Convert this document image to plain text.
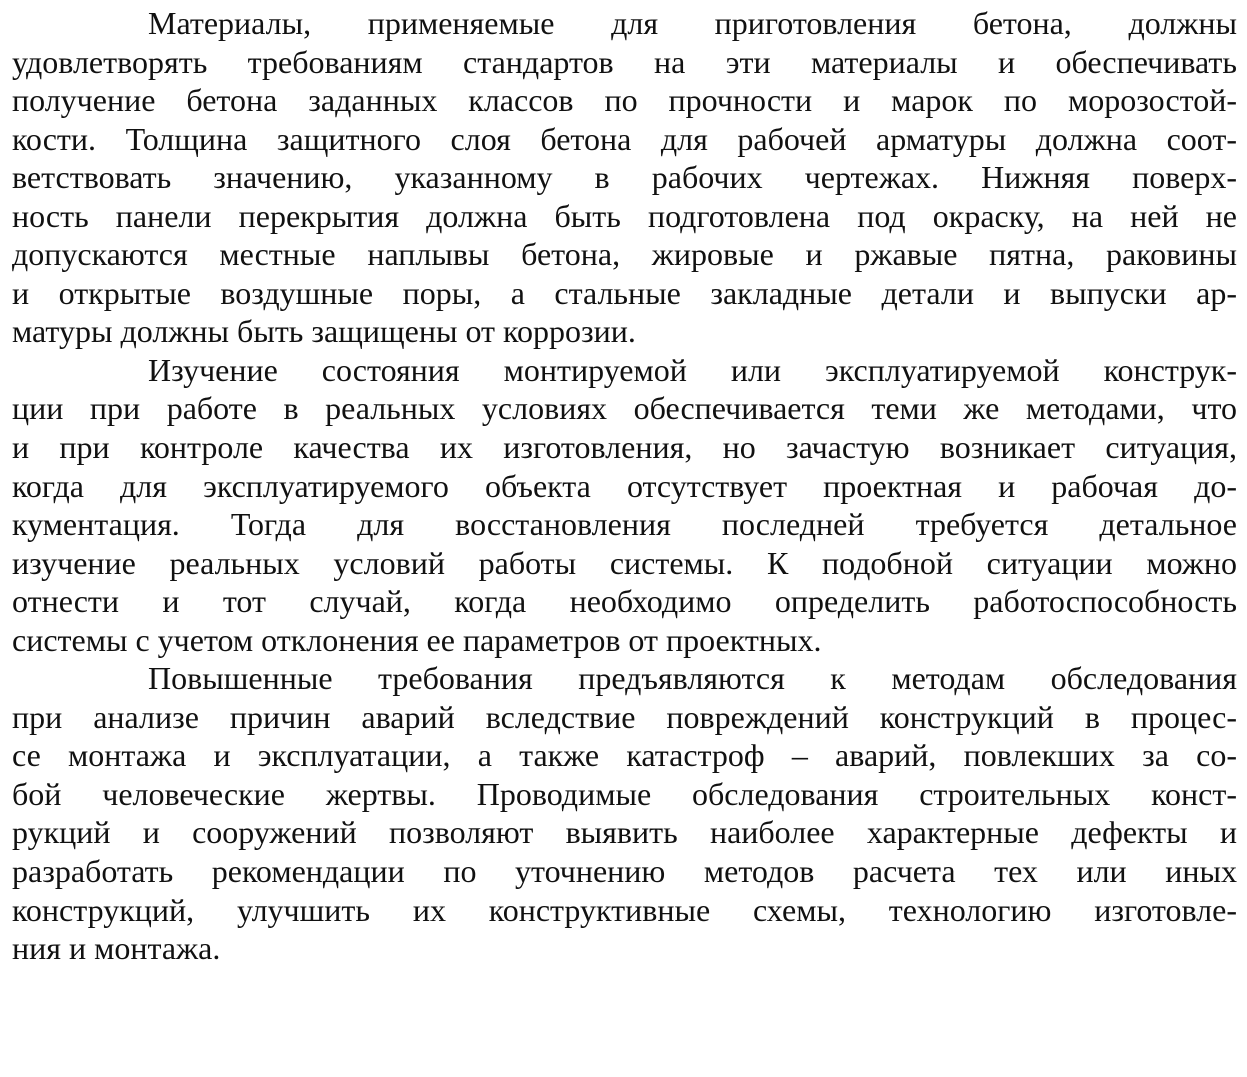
Материалы, применяемые для приготовления бетона, должны
удовлетворять требованиям стандартов на эти материалы и обеспечивать
получение бетона заданных классов по прочности и марок по морозостой-
кости. Толщина защитного слоя бетона для рабочей арматуры должна соот-
ветствовать значению, указанному в рабочих чертежах. Нижняя поверх-
ность панели перекрытия должна быть подготовлена под окраску, на ней не
допускаются местные наплывы бетона, жировые и ржавые пятна, раковины
и открытые воздушные поры, а стальные закладные детали и выпуски ар-
матуры должны быть защищены от коррозии.
Изучение состояния монтируемой или эксплуатируемой конструк-
ции при работе в реальных условиях обеспечивается теми же методами, что
и при контроле качества их изготовления, но зачастую возникает ситуация,
когда для эксплуатируемого объекта отсутствует проектная и рабочая до-
кументация. Тогда для восстановления последней требуется детальное
изучение реальных условий работы системы. К подобной ситуации можно
отнести и тот случай, когда необходимо определить работоспособность
системы с учетом отклонения ее параметров от проектных.
Повышенные требования предъявляются к методам обследования
при анализе причин аварий вследствие повреждений конструкций в процес-
се монтажа и эксплуатации, а также катастроф – аварий, повлекших за со-
бой человеческие жертвы. Проводимые обследования строительных конст-
рукций и сооружений позволяют выявить наиболее характерные дефекты и
разработать рекомендации по уточнению методов расчета тех или иных
конструкций, улучшить их конструктивные схемы, технологию изготовле-
ния и монтажа.
